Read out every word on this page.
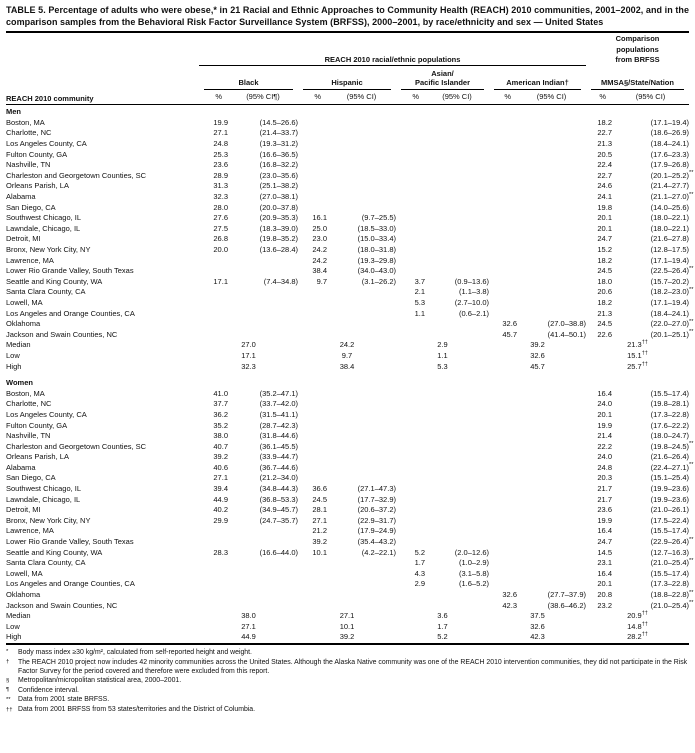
TABLE 5. Percentage of adults who were obese,* in 21 Racial and Ethnic Approaches to Community Health (REACH) 2010 communities, 2001–2002, and in the comparison samples from the Behavioral Risk Factor Surveillance System (BRFSS), 2000–2001, by race/ethnicity and sex — United States
REACH 2010 community	REACH 2010 racial/ethnic populations								Comparison
populations
from BRFSS	

	Black		Hispanic		Asian/
Pacific Islander		American Indian†		MMSA§/State/Nation	

	%	(95% CI¶)	%	(95% CI)	%	(95% CI)	%	(95% CI)	%	(95% CI)
Men										
Boston, MA	19.9	(14.5–26.6)							18.2	(17.1–19.4)
Charlotte, NC	27.1	(21.4–33.7)							22.7	(18.6–26.9)
Los Angeles County, CA	24.8	(19.3–31.2)							21.3	(18.4–24.1)
Fulton County, GA	25.3	(16.6–36.5)							20.5	(17.6–23.3)
Nashville, TN	23.6	(16.8–32.2)							22.4	(17.9–26.8)
Charleston and Georgetown Counties, SC	28.9	(23.0–35.6)							22.7	(20.1–25.2)**
Orleans Parish, LA	31.3	(25.1–38.2)							24.6	(21.4–27.7)
Alabama	32.3	(27.0–38.1)							24.1	(21.1–27.0)**
San Diego, CA	28.0	(20.0–37.8)							19.8	(14.0–25.6)
Southwest Chicago, IL	27.6	(20.9–35.3)	16.1	(9.7–25.5)					20.1	(18.0–22.1)
Lawndale, Chicago, IL	27.5	(18.3–39.0)	25.0	(18.5–33.0)					20.1	(18.0–22.1)
Detroit, MI	26.8	(19.8–35.2)	23.0	(15.0–33.4)					24.7	(21.6–27.8)
Bronx, New York City, NY	20.0	(13.6–28.4)	24.2	(18.0–31.8)					15.2	(12.8–17.5)
Lawrence, MA			24.2	(19.3–29.8)					18.2	(17.1–19.4)
Lower Rio Grande Valley, South Texas			38.4	(34.0–43.0)					24.5	(22.5–26.4)**
Seattle and King County, WA	17.1	(7.4–34.8)	9.7	(3.1–26.2)	3.7	(0.9–13.6)			18.0	(15.7–20.2)
Santa Clara County, CA					2.1	(1.1–3.8)			20.6	(18.2–23.0)**
Lowell, MA					5.3	(2.7–10.0)			18.2	(17.1–19.4)
Los Angeles and Orange Counties, CA					1.1	(0.6–2.1)			21.3	(18.4–24.1)
Oklahoma							32.6	(27.0–38.8)	24.5	(22.0–27.0)**
Jackson and Swain Counties, NC							45.7	(41.4–50.1)	22.6	(20.1–25.1)**
Median	27.0		24.2		2.9		39.2		21.3††
Low	17.1		9.7		1.1		32.6		15.1††
High	32.3		38.4		5.3		45.7		25.7††
Women										
Boston, MA	41.0	(35.2–47.1)							16.4	(15.5–17.4)
Charlotte, NC	37.7	(33.7–42.0)							24.0	(19.8–28.1)
Los Angeles County, CA	36.2	(31.5–41.1)							20.1	(17.3–22.8)
Fulton County, GA	35.2	(28.7–42.3)							19.9	(17.6–22.2)
Nashville, TN	38.0	(31.8–44.6)							21.4	(18.0–24.7)
Charleston and Georgetown Counties, SC	40.7	(36.1–45.5)							22.2	(19.8–24.5)**
Orleans Parish, LA	39.2	(33.9–44.7)							24.0	(21.6–26.4)
Alabama	40.6	(36.7–44.6)							24.8	(22.4–27.1)**
San Diego, CA	27.1	(21.2–34.0)							20.3	(15.1–25.4)
Southwest Chicago, IL	39.4	(34.8–44.3)	36.6	(27.1–47.3)					21.7	(19.9–23.6)
Lawndale, Chicago, IL	44.9	(36.8–53.3)	24.5	(17.7–32.9)					21.7	(19.9–23.6)
Detroit, MI	40.2	(34.9–45.7)	28.1	(20.6–37.2)					23.6	(21.0–26.1)
Bronx, New York City, NY	29.9	(24.7–35.7)	27.1	(22.9–31.7)					19.9	(17.5–22.4)
Lawrence, MA			21.2	(17.9–24.9)					16.4	(15.5–17.4)
Lower Rio Grande Valley, South Texas			39.2	(35.4–43.2)					24.7	(22.9–26.4)**
Seattle and King County, WA	28.3	(16.6–44.0)	10.1	(4.2–22.1)	5.2	(2.0–12.6)			14.5	(12.7–16.3)
Santa Clara County, CA					1.7	(1.0–2.9)			23.1	(21.0–25.4)**
Lowell, MA					4.3	(3.1–5.8)			16.4	(15.5–17.4)
Los Angeles and Orange Counties, CA					2.9	(1.6–5.2)			20.1	(17.3–22.8)
Oklahoma							32.6	(27.7–37.9)	20.8	(18.8–22.8)**
Jackson and Swain Counties, NC							42.3	(38.6–46.2)	23.2	(21.0–25.4)**
Median	38.0		27.1		3.6		37.5		20.9††
Low	27.1		10.1		1.7		32.6		14.8††
High	44.9		39.2		5.2		42.3		28.2††
*	Body mass index ≥30 kg/m², calculated from self-reported height and weight.
†	The REACH 2010 project now includes 42 minority communities across the United States. Although the Alaska Native community was one of the REACH 2010 intervention communities, they did not participate in the Risk Factor Survey for the period covered and therefore were excluded from this report.
§	Metropolitan/micropolitan statistical area, 2000–2001.
¶	Confidence interval.
**	Data from 2001 state BRFSS.
†† Data from 2001 BRFSS from 53 states/territories and the District of Columbia.
